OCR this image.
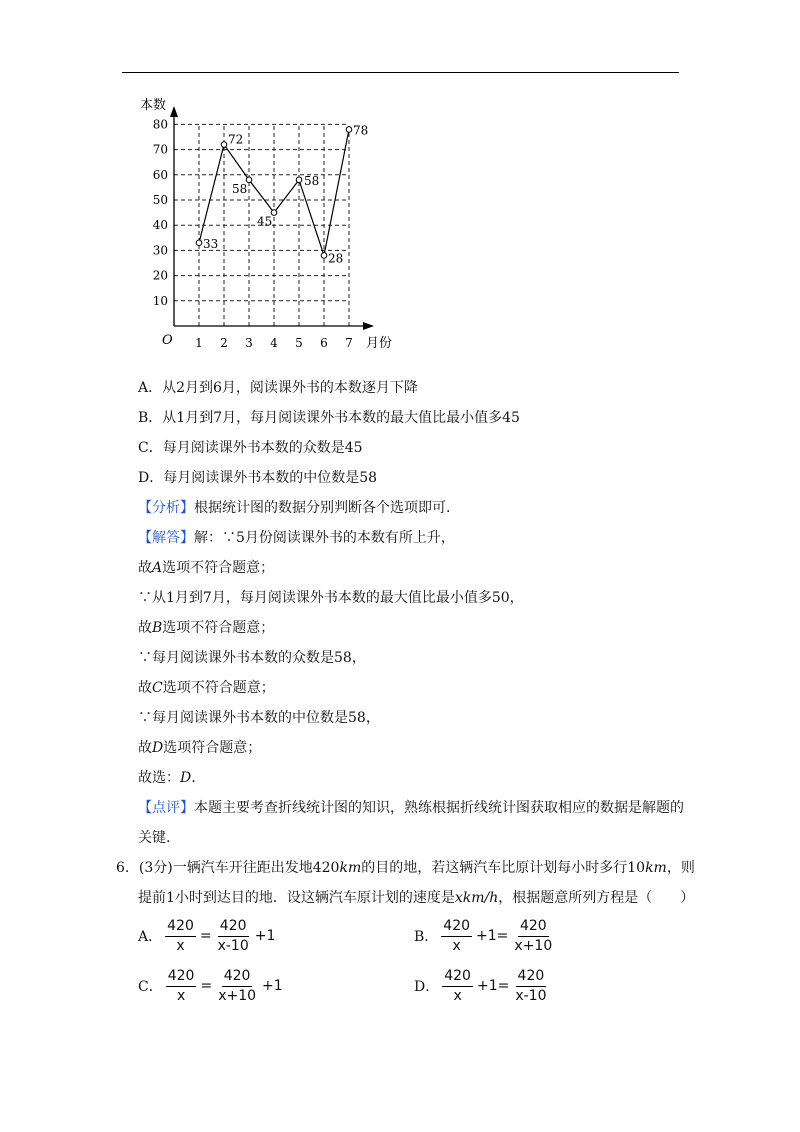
本数
月份
O
10
20
30
40
50
60
70
80
1 2 3 4 5 6 7
33
72
58
45
58
28
78
A．从2月到6月，阅读课外书的本数逐月下降
B．从1月到7月，每月阅读课外书本数的最大值比最小值多45
C．每月阅读课外书本数的众数是45
D．每月阅读课外书本数的中位数是58
【分析】根据统计图的数据分别判断各个选项即可.
【解答】解：∵5月份阅读课外书的本数有所上升，
故A选项不符合题意；
∵从1月到7月，每月阅读课外书本数的最大值比最小值多50，
故B选项不符合题意；
∵每月阅读课外书本数的众数是58，
故C选项不符合题意；
∵每月阅读课外书本数的中位数是58，
故D选项符合题意；
故选：D.
【点评】本题主要考查折线统计图的知识，熟练根据折线统计图获取相应的数据是解题的
关键.
6．(3分)一辆汽车开往距出发地420km的目的地，若这辆汽车比原计划每小时多行10km，则
提前1小时到达目的地．设这辆汽车原计划的速度是xkm/h，根据题意所列方程是（　　）
A． $\frac{420}{x} = \frac{420}{x-10} +1$	B． $\frac{420}{x} +1= \frac{420}{x+10}$
C． $\frac{420}{x} = \frac{420}{x+10} +1$	D． $\frac{420}{x} +1= \frac{420}{x-10}$
